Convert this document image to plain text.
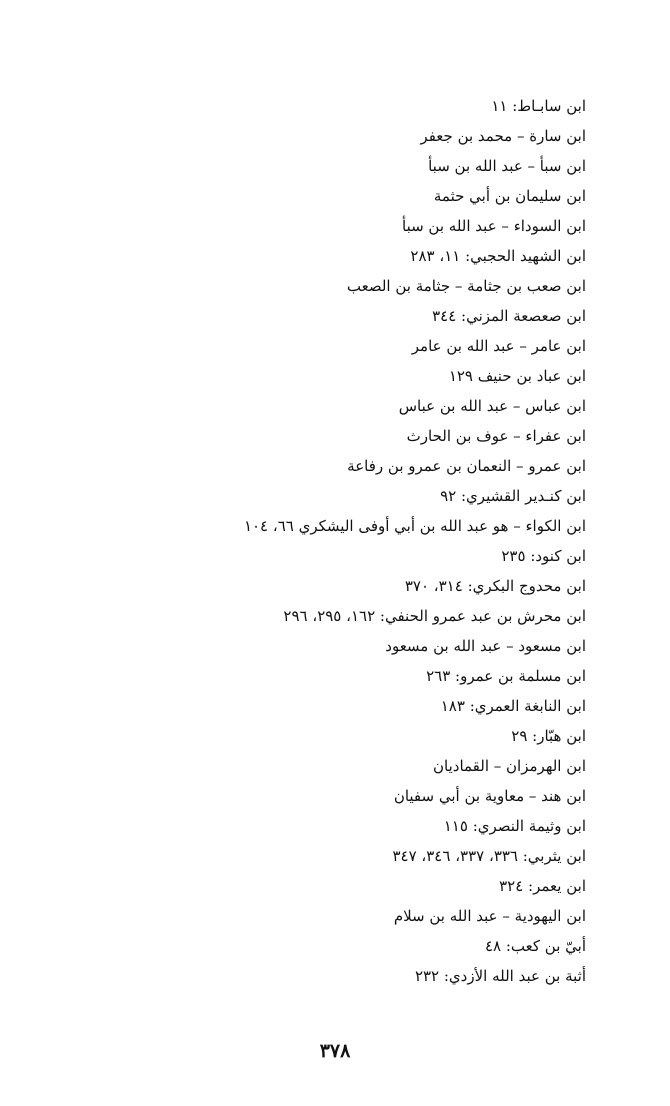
ابن سابـاط: ١١
ابن سارة – محمد بن جعفر
ابن سبأ – عبد الله بن سبأ
ابن سليمان بن أبي حثمة
ابن السوداء – عبد الله بن سبأ
ابن الشهيد الحجبي: ١١، ٢٨٣
ابن صعب بن جثامة – جثامة بن الصعب
ابن صعصعة المزني: ٣٤٤
ابن عامر – عبد الله بن عامر
ابن عباد بن حنيف ١٢٩
ابن عباس – عبد الله بن عباس
ابن عفراء – عوف بن الحارث
ابن عمرو – النعمان بن عمرو بن رفاعة
ابن كنـدير القشيري: ٩٢
ابن الكواء – هو عبد الله بن أبي أوفى اليشكري ٦٦، ١٠٤
ابن كنود: ٢٣٥
ابن محدوج البكري: ٣١٤، ٣٧٠
ابن محرش بن عبد عمرو الحنفي: ١٦٢، ٢٩٥، ٢٩٦
ابن مسعود – عبد الله بن مسعود
ابن مسلمة بن عمرو: ٢٦٣
ابن النابغة العمري: ١٨٣
ابن هبّار: ٢٩
ابن الهرمزان – القماديان
ابن هند – معاوية بن أبي سفيان
ابن وثيمة النصري: ١١٥
ابن يثربي: ٣٣٦، ٣٣٧، ٣٤٦، ٣٤٧
ابن يعمر: ٣٢٤
ابن اليهودية – عبد الله بن سلام
أبيّ بن كعب: ٤٨
أثبة بن عبد الله الأزدي: ٢٣٢
٣٧٨
